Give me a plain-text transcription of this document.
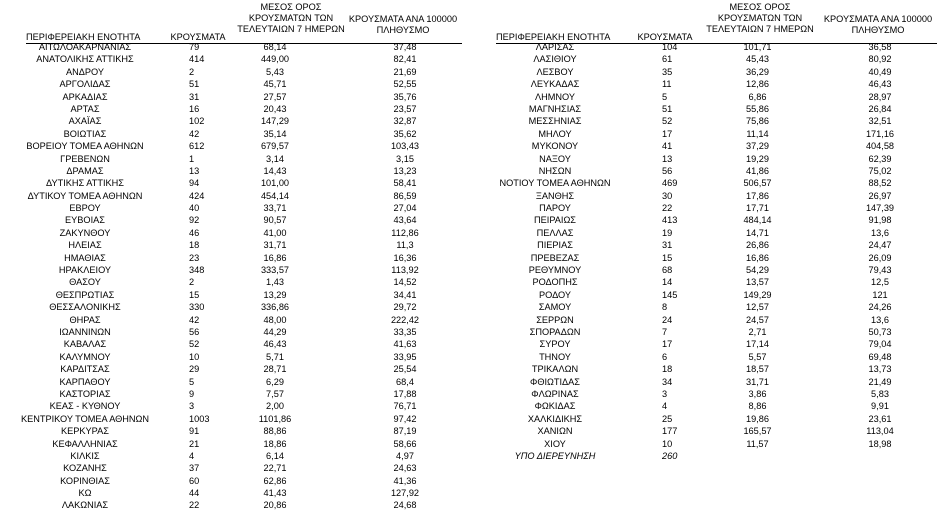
ΠΕΡΙΦΕΡΕΙΑΚΗ ΕΝΟΤΗΤΑ	ΚΡΟΥΣΜΑΤΑ
ΜΕΣΟΣ ΟΡΟΣ
ΚΡΟΥΣΜΑΤΩΝ ΤΩΝ
ΤΕΛΕΥΤΑΙΩΝ 7 ΗΜΕΡΩΝ
ΚΡΟΥΣΜΑΤΑ ΑΝΑ 100000
ΠΛΗΘΥΣΜΟ
ΑΙΤΩΛΟΑΚΑΡΝΑΝΙΑΣ	79	68,14	37,48
ΑΝΑΤΟΛΙΚΗΣ ΑΤΤΙΚΗΣ	414	449,00	82,41
ΑΝΔΡΟΥ	2	5,43	21,69
ΑΡΓΟΛΙΔΑΣ	51	45,71	52,55
ΑΡΚΑΔΙΑΣ	31	27,57	35,76
ΑΡΤΑΣ	16	20,43	23,57
ΑΧΑΪΑΣ	102	147,29	32,87
ΒΟΙΩΤΙΑΣ	42	35,14	35,62
ΒΟΡΕΙΟΥ ΤΟΜΕΑ ΑΘΗΝΩΝ	612	679,57	103,43
ΓΡΕΒΕΝΩΝ	1	3,14	3,15
ΔΡΑΜΑΣ	13	14,43	13,23
ΔΥΤΙΚΗΣ ΑΤΤΙΚΗΣ	94	101,00	58,41
ΔΥΤΙΚΟΥ ΤΟΜΕΑ ΑΘΗΝΩΝ	424	454,14	86,59
ΕΒΡΟΥ	40	33,71	27,04
ΕΥΒΟΙΑΣ	92	90,57	43,64
ΖΑΚΥΝΘΟΥ	46	41,00	112,86
ΗΛΕΙΑΣ	18	31,71	11,3
ΗΜΑΘΙΑΣ	23	16,86	16,36
ΗΡΑΚΛΕΙΟΥ	348	333,57	113,92
ΘΑΣΟΥ	2	1,43	14,52
ΘΕΣΠΡΩΤΙΑΣ	15	13,29	34,41
ΘΕΣΣΑΛΟΝΙΚΗΣ	330	336,86	29,72
ΘΗΡΑΣ	42	48,00	222,42
ΙΩΑΝΝΙΝΩΝ	56	44,29	33,35
ΚΑΒΑΛΑΣ	52	46,43	41,63
ΚΑΛΥΜΝΟΥ	10	5,71	33,95
ΚΑΡΔΙΤΣΑΣ	29	28,71	25,54
ΚΑΡΠΑΘΟΥ	5	6,29	68,4
ΚΑΣΤΟΡΙΑΣ	9	7,57	17,88
ΚΕΑΣ - ΚΥΘΝΟΥ	3	2,00	76,71
ΚΕΝΤΡΙΚΟΥ ΤΟΜΕΑ ΑΘΗΝΩΝ	1003	1101,86	97,42
ΚΕΡΚΥΡΑΣ	91	88,86	87,19
ΚΕΦΑΛΛΗΝΙΑΣ	21	18,86	58,66
ΚΙΛΚΙΣ	4	6,14	4,97
ΚΟΖΑΝΗΣ	37	22,71	24,63
ΚΟΡΙΝΘΙΑΣ	60	62,86	41,36
ΚΩ	44	41,43	127,92
ΛΑΚΩΝΙΑΣ	22	20,86	24,68
ΠΕΡΙΦΕΡΕΙΑΚΗ ΕΝΟΤΗΤΑ	ΚΡΟΥΣΜΑΤΑ
ΜΕΣΟΣ ΟΡΟΣ
ΚΡΟΥΣΜΑΤΩΝ ΤΩΝ
ΤΕΛΕΥΤΑΙΩΝ 7 ΗΜΕΡΩΝ
ΚΡΟΥΣΜΑΤΑ ΑΝΑ 100000
ΠΛΗΘΥΣΜΟ
ΛΑΡΙΣΑΣ	104	101,71	36,58
ΛΑΣΙΘΙΟΥ	61	45,43	80,92
ΛΕΣΒΟΥ	35	36,29	40,49
ΛΕΥΚΑΔΑΣ	11	12,86	46,43
ΛΗΜΝΟΥ	5	6,86	28,97
ΜΑΓΝΗΣΙΑΣ	51	55,86	26,84
ΜΕΣΣΗΝΙΑΣ	52	75,86	32,51
ΜΗΛΟΥ	17	11,14	171,16
ΜΥΚΟΝΟΥ	41	37,29	404,58
ΝΑΞΟΥ	13	19,29	62,39
ΝΗΣΩΝ	56	41,86	75,02
ΝΟΤΙΟΥ ΤΟΜΕΑ ΑΘΗΝΩΝ	469	506,57	88,52
ΞΑΝΘΗΣ	30	17,86	26,97
ΠΑΡΟΥ	22	17,71	147,39
ΠΕΙΡΑΙΩΣ	413	484,14	91,98
ΠΕΛΛΑΣ	19	14,71	13,6
ΠΙΕΡΙΑΣ	31	26,86	24,47
ΠΡΕΒΕΖΑΣ	15	16,86	26,09
ΡΕΘΥΜΝΟΥ	68	54,29	79,43
ΡΟΔΟΠΗΣ	14	13,57	12,5
ΡΟΔΟΥ	145	149,29	121
ΣΑΜΟΥ	8	12,57	24,26
ΣΕΡΡΩΝ	24	24,57	13,6
ΣΠΟΡΑΔΩΝ	7	2,71	50,73
ΣΥΡΟΥ	17	17,14	79,04
ΤΗΝΟΥ	6	5,57	69,48
ΤΡΙΚΑΛΩΝ	18	18,57	13,73
ΦΘΙΩΤΙΔΑΣ	34	31,71	21,49
ΦΛΩΡΙΝΑΣ	3	3,86	5,83
ΦΩΚΙΔΑΣ	4	8,86	9,91
ΧΑΛΚΙΔΙΚΗΣ	25	19,86	23,61
ΧΑΝΙΩΝ	177	165,57	113,04
ΧΙΟΥ	10	11,57	18,98
ΥΠΟ ΔΙΕΡΕΥΝΗΣΗ	260
